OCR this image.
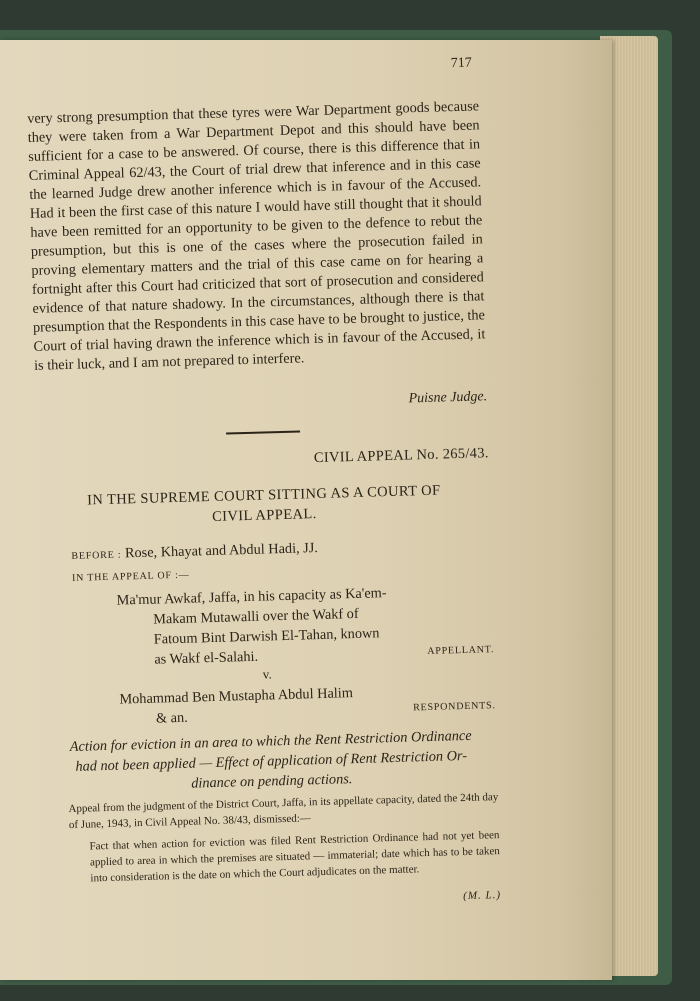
717

very strong presumption that these tyres were War Department goods because they were taken from a War Department Depot and this should have been sufficient for a case to be answered. Of course, there is this difference that in Criminal Appeal 62/43, the Court of trial drew that inference and in this case the learned Judge drew another inference which is in favour of the Accused. Had it been the first case of this nature I would have still thought that it should have been remitted for an opportunity to be given to the defence to rebut the presumption, but this is one of the cases where the prosecution failed in proving elementary matters and the trial of this case came on for hearing a fortnight after this Court had criticized that sort of prosecution and considered evidence of that nature shadowy. In the circumstances, although there is that presumption that the Respondents in this case have to be brought to justice, the Court of trial having drawn the inference which is in favour of the Accused, it is their luck, and I am not prepared to interfere.

Puisne Judge.
CIVIL APPEAL No. 265/43.
IN THE SUPREME COURT SITTING AS A COURT OF
CIVIL APPEAL.
BEFORE : Rose, Khayat and Abdul Hadi, JJ.
IN THE APPEAL OF :—
Ma'mur Awkaf, Jaffa, in his capacity as Ka'em-
Makam Mutawalli over the Wakf of
Fatoum Bint Darwish El-Tahan, known
as Wakf el-Salahi.	APPELLANT.
v.
Mohammad Ben Mustapha Abdul Halim
& an.
RESPONDENTS.
Action for eviction in an area to which the Rent Restriction Ordinance
had not been applied — Effect of application of Rent Restriction Or-
dinance on pending actions.

Appeal from the judgment of the District Court, Jaffa, in its appellate capacity, dated the 24th day of June, 1943, in Civil Appeal No. 38/43, dismissed:—

Fact that when action for eviction was filed Rent Restriction Ordinance had not yet been applied to area in which the premises are situated — immaterial; date which has to be taken into consideration is the date on which the Court adjudicates on the matter.

(M. L.)
